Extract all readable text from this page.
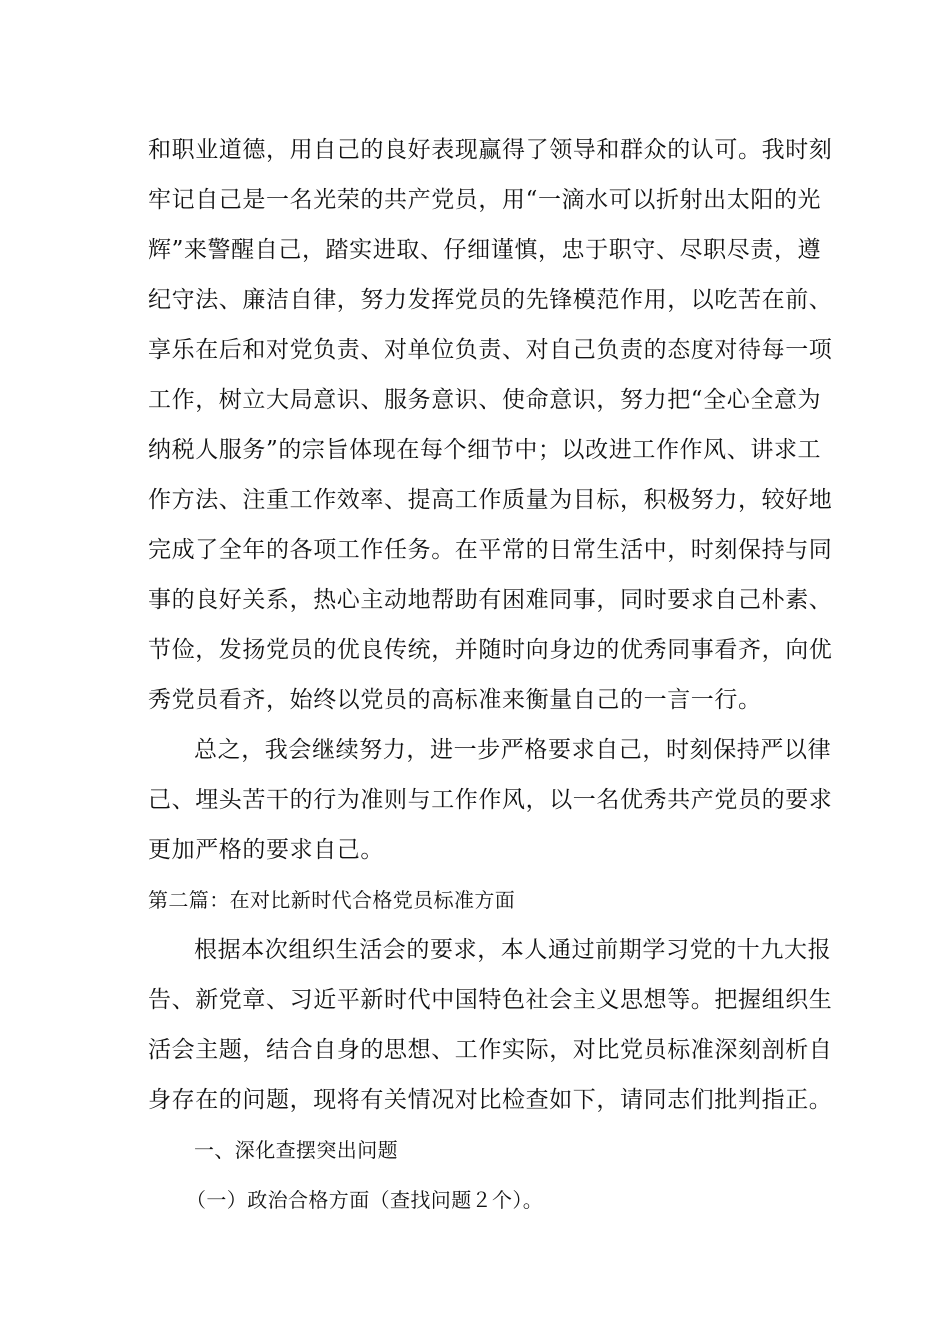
和职业道德，用自己的良好表现赢得了领导和群众的认可。我时刻
牢记自己是一名光荣的共产党员，用“一滴水可以折射出太阳的光
辉”来警醒自己，踏实进取、仔细谨慎，忠于职守、尽职尽责，遵
纪守法、廉洁自律，努力发挥党员的先锋模范作用，以吃苦在前、
享乐在后和对党负责、对单位负责、对自己负责的态度对待每一项
工作，树立大局意识、服务意识、使命意识，努力把“全心全意为
纳税人服务”的宗旨体现在每个细节中；以改进工作作风、讲求工
作方法、注重工作效率、提高工作质量为目标，积极努力，较好地
完成了全年的各项工作任务。在平常的日常生活中，时刻保持与同
事的良好关系，热心主动地帮助有困难同事，同时要求自己朴素、
节俭，发扬党员的优良传统，并随时向身边的优秀同事看齐，向优
秀党员看齐，始终以党员的高标准来衡量自己的一言一行。
总之，我会继续努力，进一步严格要求自己，时刻保持严以律
己、埋头苦干的行为准则与工作作风，以一名优秀共产党员的要求
更加严格的要求自己。
第二篇：在对比新时代合格党员标准方面
根据本次组织生活会的要求，本人通过前期学习党的十九大报
告、新党章、习近平新时代中国特色社会主义思想等。把握组织生
活会主题，结合自身的思想、工作实际，对比党员标准深刻剖析自
身存在的问题，现将有关情况对比检查如下，请同志们批判指正。
一、深化查摆突出问题
（一）政治合格方面（查找问题２个）。
